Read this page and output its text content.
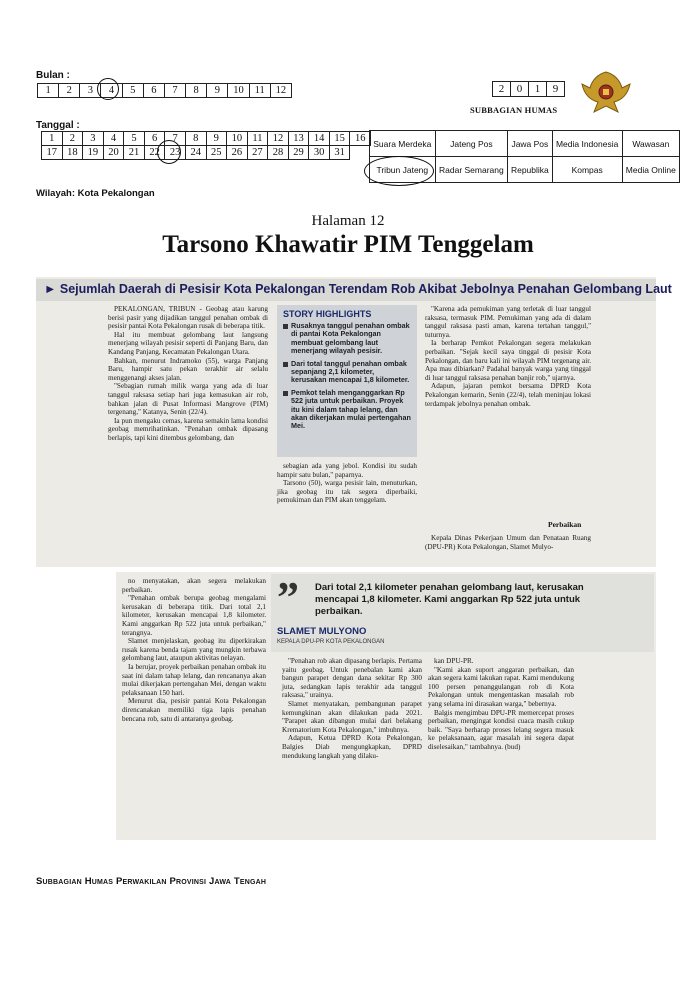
Bulan :
1	2	3	4	5	6	7	8	9	10	11	12	2	0	1	9
SUBBAGIAN HUMAS
Tanggal :
1	2	3	4	5	6	7	8	9	10	11	12	13	14	15	16
17	18	19	20	21	22	23	24	25	26	27	28	29	30	31	
Suara Merdeka	Jateng Pos	Jawa Pos	Media Indonesia	Wawasan
Tribun Jateng	Radar Semarang	Republika	Kompas	Media Online
Wilayah: Kota Pekalongan
Halaman 12
Tarsono Khawatir PIM Tenggelam
► Sejumlah Daerah di Pesisir Kota Pekalongan Terendam Rob Akibat Jebolnya Penahan Gelombang Laut

PEKALONGAN, TRIBUN - Geobag atau karung berisi pasir yang dijadikan tanggul penahan ombak di pesisir pantai Kota Pekalongan rusak di beberapa titik.

Hal itu membuat gelombang laut langsung menerjang wilayah pesisir seperti di Panjang Baru, dan Kandang Panjang, Kecamatan Pekalongan Utara.

Bahkan, menurut Indramoko (55), warga Panjang Baru, hampir satu pekan terakhir air selalu menggenangi akses jalan.

"Sebagian rumah milik warga yang ada di luar tanggul raksasa setiap hari juga kemasukan air rob, bahkan jalan di Pusat Informasi Mangrove (PIM) tergenang," Katanya, Senin (22/4).

Ia pun mengaku cemas, karena semakin lama kondisi geobag memrihatinkan. "Penahan ombak dipasang berlapis, tapi kini ditembus gelombang, dan

STORY HIGHLIGHTS
Rusaknya tanggul penahan ombak di pantai Kota Pekalongan membuat gelombang laut menerjang wilayah pesisir.
Dari total tanggul penahan ombak sepanjang 2,1 kilometer, kerusakan mencapai 1,8 kilometer.
Pemkot telah menganggarkan Rp 522 juta untuk perbaikan. Proyek itu kini dalam tahap lelang, dan akan dikerjakan mulai pertengahan Mei.

sebagian ada yang jebol. Kondisi itu sudah hampir satu bulan," paparnya.

Tarsono (50), warga pesisir lain, menuturkan, jika geobag itu tak segera diperbaiki, pemukiman dan PIM akan tenggelam.

"Karena ada pemukiman yang terletak di luar tanggul raksasa, termasuk PIM. Pemukiman yang ada di dalam tanggul raksasa pasti aman, karena tertahan tanggul," tuturnya.

Ia berharap Pemkot Pekalongan segera melakukan perbaikan. "Sejak kecil saya tinggal di pesisir Kota Pekalongan, dan baru kali ini wilayah PIM tergenang air. Apa mau dibiarkan? Padahal banyak warga yang tinggal di luar tanggul raksasa penahan banjir rob," ujarnya.

Adapun, jajaran pemkot bersama DPRD Kota Pekalongan kemarin, Senin (22/4), telah meninjau lokasi terdampak jebolnya penahan ombak.

Perbaikan

Kepala Dinas Pekerjaan Umum dan Penataan Ruang (DPU-PR) Kota Pekalongan, Slamet Mulyo-

no menyatakan, akan segera melakukan perbaikan.

"Penahan ombak berupa geobag mengalami kerusakan di beberapa titik. Dari total 2,1 kilometer, kerusakan mencapai 1,8 kilometer. Kami anggarkan Rp 522 juta untuk perbaikan," terangnya.

Slamet menjelaskan, geobag itu diperkirakan rusak karena benda tajam yang mungkin terbawa gelombang laut, ataupun aktivitas nelayan.

Ia berujar, proyek perbaikan penahan ombak itu saat ini dalam tahap lelang, dan rencananya akan mulai dikerjakan pertengahan Mei, dengan waktu pelaksanaan 150 hari.

Menurut dia, pesisir pantai Kota Pekalongan direncanakan memiliki tiga lapis penahan bencana rob, satu di antaranya geobag.

” Dari total 2,1 kilometer penahan gelombang laut, kerusakan mencapai 1,8 kilometer. Kami anggarkan Rp 522 juta untuk perbaikan.
SLAMET MULYONO
KEPALA DPU-PR KOTA PEKALONGAN

"Penahan rob akan dipasang berlapis. Pertama yaitu geobag. Untuk penebalan kami akan bangun parapet dengan dana sekitar Rp 300 juta, sedangkan lapis terakhir ada tanggul raksasa," urainya.

Slamet menyatakan, pembangunan parapet kemungkinan akan dilakukan pada 2021. "Parapet akan dibangun mulai dari belakang Krematorium Kota Pekalongan," imbuhnya.

Adapun, Ketua DPRD Kota Pekalongan, Balgies Diab mengungkapkan, DPRD mendukung langkah yang dilaku-

kan DPU-PR.

"Kami akan suport anggaran perbaikan, dan akan segera kami lakukan rapat. Kami mendukung 100 persen penanggulangan rob di Kota Pekalongan untuk mengentaskan masalah rob yang selama ini dirasakan warga," bebernya.

Balgis mengimbau DPU-PR memercepat proses perbaikan, mengingat kondisi cuaca masih cukup baik. "Saya berharap proses lelang segera masuk ke pelaksanaan, agar masalah ini segera dapat diselesaikan," tambahnya. (bud)

Subbagian Humas Perwakilan Provinsi Jawa Tengah
